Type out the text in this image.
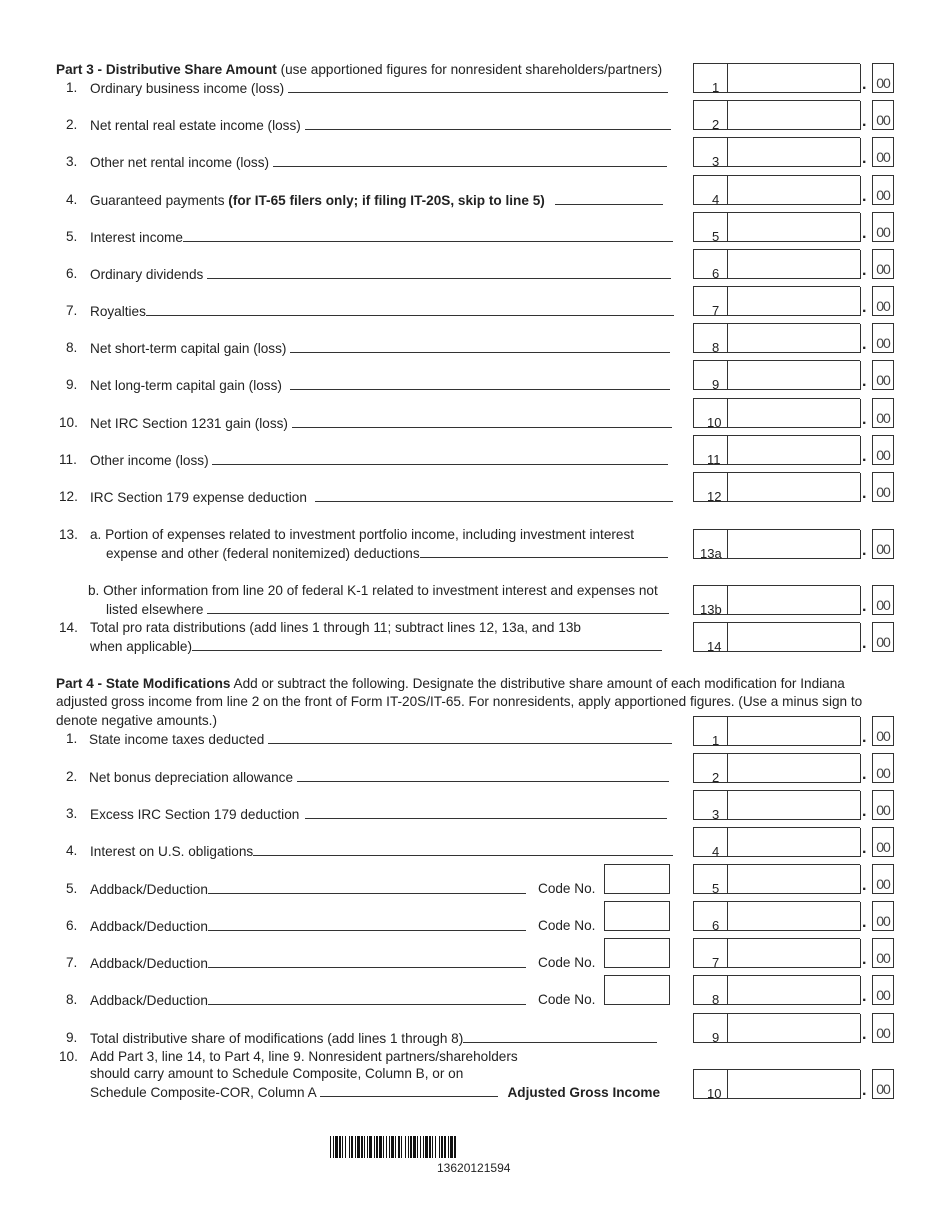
Part 3 - Distributive Share Amount (use apportioned figures for nonresident shareholders/partners)
1. Ordinary business income (loss)	1	. 00
2. Net rental real estate income (loss)	2	. 00
3. Other net rental income (loss)	3	. 00
4. Guaranteed payments (for IT-65 filers only; if filing IT-20S, skip to line 5)	4	. 00
5. Interest income	5	. 00
6. Ordinary dividends	6	. 00
7. Royalties	7	. 00
8. Net short-term capital gain (loss)	8	. 00
9. Net long-term capital gain (loss)	9	. 00
10. Net IRC Section 1231 gain (loss)	10	. 00
11. Other income (loss)	11	. 00
12. IRC Section 179 expense deduction	12	. 00
13. a. Portion of expenses related to investment portfolio income, including investment interest
expense and other (federal nonitemized) deductions	13a	. 00
b. Other information from line 20 of federal K-1 related to investment interest and expenses not
listed elsewhere	13b	. 00
14. Total pro rata distributions (add lines 1 through 11; subtract lines 12, 13a, and 13b
when applicable)	14	. 00
Part 4 - State Modifications Add or subtract the following. Designate the distributive share amount of each modification for Indiana
adjusted gross income from line 2 on the front of Form IT-20S/IT-65. For nonresidents, apply apportioned figures. (Use a minus sign to
denote negative amounts.)
1. State income taxes deducted	1	. 00
2. Net bonus depreciation allowance	2	. 00
3. Excess IRC Section 179 deduction	3	. 00
4. Interest on U.S. obligations	4	. 00
5. Addback/Deduction	Code No.	5	. 00
6. Addback/Deduction	Code No.	6	. 00
7. Addback/Deduction	Code No.	7	. 00
8. Addback/Deduction	Code No.	8	. 00
9. Total distributive share of modifications (add lines 1 through 8)	9	. 00
10. Add Part 3, line 14, to Part 4, line 9. Nonresident partners/shareholders
should carry amount to Schedule Composite, Column B, or on
Schedule Composite-COR, Column A	Adjusted Gross Income	10	. 00
13620121594
